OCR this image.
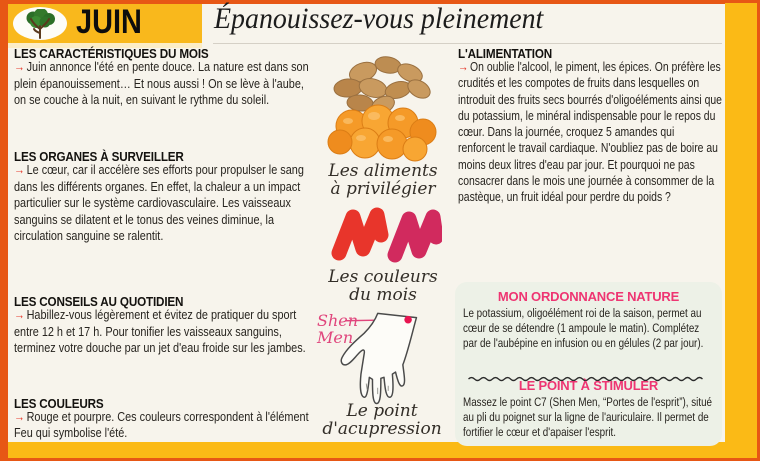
JUIN Épanouissez-vous pleinement
LES CARACTÉRISTIQUES DU MOIS

→ Juin annonce l'été en pente douce. La nature est dans son plein épanouissement… Et nous aussi ! On se lève à l'aube, on se couche à la nuit, en suivant le rythme du soleil.

LES ORGANES À SURVEILLER

→ Le cœur, car il accélère ses efforts pour propulser le sang dans les différents organes. En effet, la chaleur a un impact particulier sur le système cardiovasculaire. Les vaisseaux sanguins se dilatent et le tonus des veines diminue, la circulation sanguine se ralentit.

LES CONSEILS AU QUOTIDIEN

→ Habillez-vous légèrement et évitez de pratiquer du sport entre 12 h et 17 h. Pour tonifier les vaisseaux sanguins, terminez votre douche par un jet d'eau froide sur les jambes.

LES COULEURS

→ Rouge et pourpre. Ces couleurs correspondent à l'élément Feu qui symbolise l'été.

Les aliments
à privilégier
Les couleurs
du mois
Shen
Men
Le point
d'acupression
L'ALIMENTATION

→ On oublie l'alcool, le piment, les épices. On préfère les crudités et les compotes de fruits dans lesquelles on introduit des fruits secs bourrés d'oligoéléments ainsi que du potassium, le minéral indispensable pour le repos du cœur. Dans la journée, croquez 5 amandes qui renforcent le travail cardiaque. N'oubliez pas de boire au moins deux litres d'eau par jour. Et pourquoi ne pas consacrer dans le mois une journée à consommer de la pastèque, un fruit idéal pour perdre du poids ?

MON ORDONNANCE NATURE

Le potassium, oligoélément roi de la saison, permet au cœur de se détendre (1 ampoule le matin). Complétez par de l'aubépine en infusion ou en gélules (2 par jour).

LE POINT À STIMULER

Massez le point C7 (Shen Men, “Portes de l'esprit”), situé au pli du poignet sur la ligne de l'auriculaire. Il permet de fortifier le cœur et d'apaiser l'esprit.
